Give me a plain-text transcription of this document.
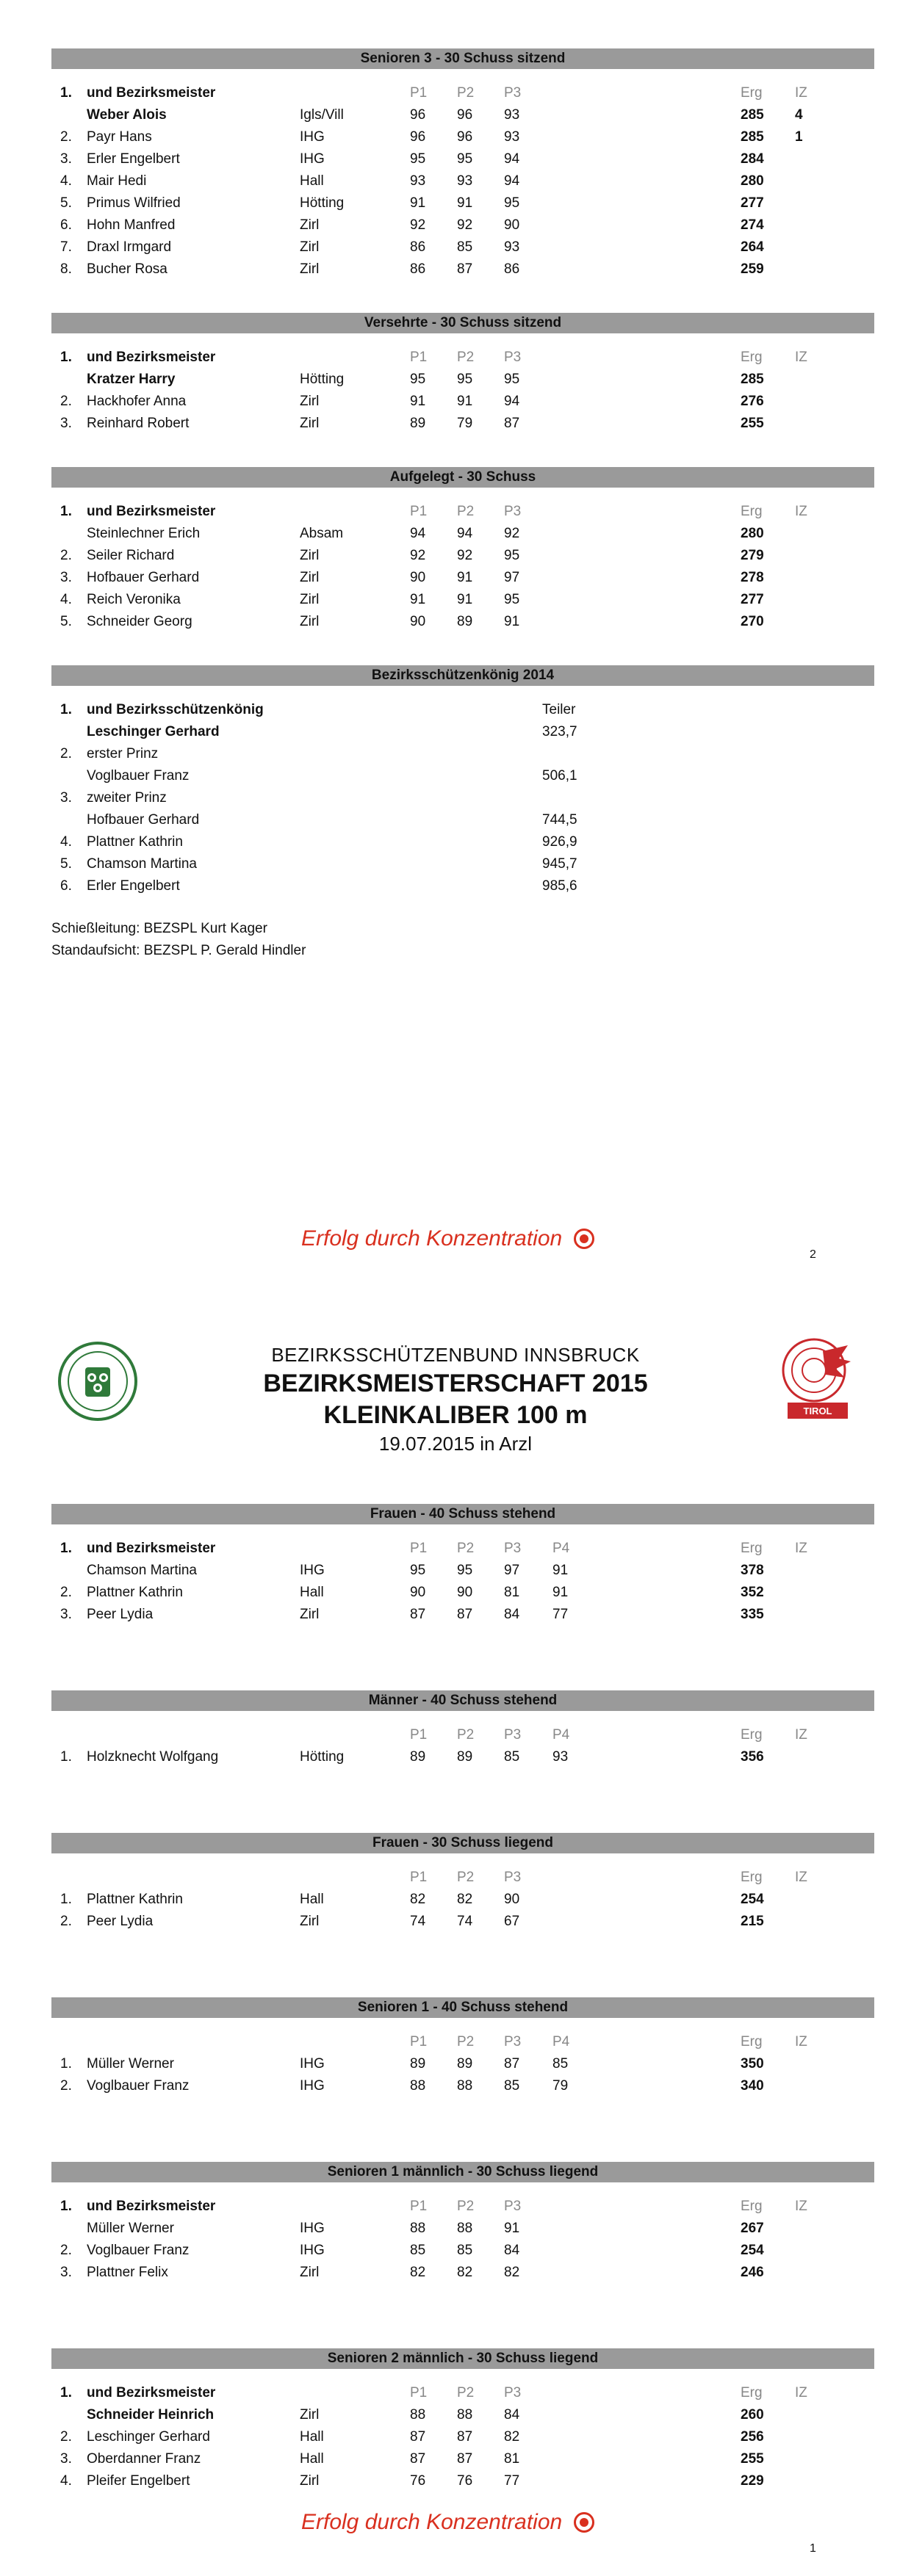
Senioren 3 - 30 Schuss sitzend
1. und Bezirksmeister	P1 P2 P3	Erg IZ
Weber Alois	Igls/Vill	96 96 93	285 4
2. Payr Hans	IHG	96 96 93	285 1
3. Erler Engelbert	IHG	95 95 94	284
4. Mair Hedi	Hall	93 93 94	280
5. Primus Wilfried	Hötting	91 91 95	277
6. Hohn Manfred	Zirl	92 92 90	274
7. Draxl Irmgard	Zirl	86 85 93	264
8. Bucher Rosa	Zirl	86 87 86	259
Versehrte - 30 Schuss sitzend
1. und Bezirksmeister	P1 P2 P3	Erg IZ
Kratzer Harry	Hötting	95 95 95	285
2. Hackhofer Anna	Zirl	91 91 94	276
3. Reinhard Robert	Zirl	89 79 87	255
Aufgelegt - 30 Schuss
1. und Bezirksmeister	P1 P2 P3	Erg IZ
Steinlechner Erich	Absam	94 94 92	280
2. Seiler Richard	Zirl	92 92 95	279
3. Hofbauer Gerhard	Zirl	90 91 97	278
4. Reich Veronika	Zirl	91 91 95	277
5. Schneider Georg	Zirl	90 89 91	270
Bezirksschützenkönig 2014
1. und Bezirksschützenkönig	Teiler
Leschinger Gerhard	323,7
2. erster Prinz
Voglbauer Franz	506,1
3. zweiter Prinz
Hofbauer Gerhard	744,5
4. Plattner Kathrin	926,9
5. Chamson Martina	945,7
6. Erler Engelbert	985,6
Schießleitung: BEZSPL Kurt Kager
Standaufsicht: BEZSPL P. Gerald Hindler
Erfolg durch Konzentration
2
TIROL
BEZIRKSSCHÜTZENBUND INNSBRUCK
BEZIRKSMEISTERSCHAFT 2015
KLEINKALIBER 100 m
19.07.2015 in Arzl
Frauen - 40 Schuss stehend
1. und Bezirksmeister	P1 P2 P3 P4	Erg IZ
Chamson Martina	IHG	95 95 97 91	378
2. Plattner Kathrin	Hall	90 90 81 91	352
3. Peer Lydia	Zirl	87 87 84 77	335
Männer - 40 Schuss stehend
P1 P2 P3 P4	Erg IZ
1. Holzknecht Wolfgang	Hötting	89 89 85 93	356
Frauen - 30 Schuss liegend
P1 P2 P3	Erg IZ
1. Plattner Kathrin	Hall	82 82 90	254
2. Peer Lydia	Zirl	74 74 67	215
Senioren 1 - 40 Schuss stehend
P1 P2 P3 P4	Erg IZ
1. Müller Werner	IHG	89 89 87 85	350
2. Voglbauer Franz	IHG	88 88 85 79	340
Senioren 1 männlich - 30 Schuss liegend
1. und Bezirksmeister	P1 P2 P3	Erg IZ
Müller Werner	IHG	88 88 91	267
2. Voglbauer Franz	IHG	85 85 84	254
3. Plattner Felix	Zirl	82 82 82	246
Senioren 2 männlich - 30 Schuss liegend
1. und Bezirksmeister	P1 P2 P3	Erg IZ
Schneider Heinrich	Zirl	88 88 84	260
2. Leschinger Gerhard	Hall	87 87 82	256
3. Oberdanner Franz	Hall	87 87 81	255
4. Pleifer Engelbert	Zirl	76 76 77	229
Erfolg durch Konzentration
1
